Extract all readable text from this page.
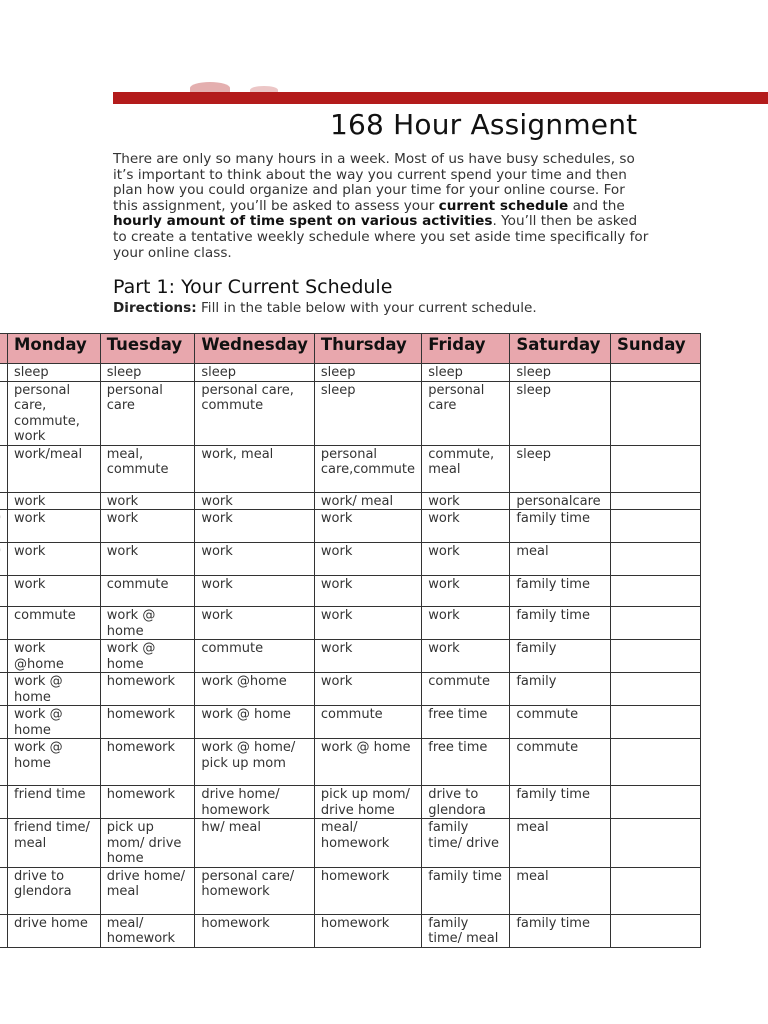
168 Hour Assignment

There are only so many hours in a week. Most of us have busy schedules, so it’s important to think about the way you current spend your time and then plan how you could organize and plan your time for your online course. For this assignment, you’ll be asked to assess your current schedule and the hourly amount of time spent on various activities. You’ll then be asked to create a tentative weekly schedule where you set aside time specifically for your online class.

Part 1: Your Current Schedule

Directions: Fill in the table below with your current schedule.

	Monday	Tuesday	Wednesday	Thursday	Friday	Saturday	Sunday
	sleep	sleep	sleep	sleep	sleep	sleep	
	personal care, commute, work	personal care	personal care, commute	sleep	personal care	sleep	
	work/meal	meal, commute	work, meal	personal care,commute	commute, meal	sleep	
	work	work	work	work/ meal	work	personalcare	
	work	work	work	work	work	family time	
	work	work	work	work	work	meal	
	work	commute	work	work	work	family time	
	commute	work @ home	work	work	work	family time	
	work @home	work @ home	commute	work	work	family	
	work @ home	homework	work @home	work	commute	family	
	work @ home	homework	work @ home	commute	free time	commute	
	work @ home	homework	work @ home/ pick up mom	work @ home	free time	commute	
	friend time	homework	drive home/ homework	pick up mom/ drive home	drive to glendora	family time	
	friend time/ meal	pick up mom/ drive home	hw/ meal	meal/ homework	family time/ drive	meal	
	drive to glendora	drive home/ meal	personal care/ homework	homework	family time	meal	
	drive home	meal/ homework	homework	homework	family time/ meal	family time	
